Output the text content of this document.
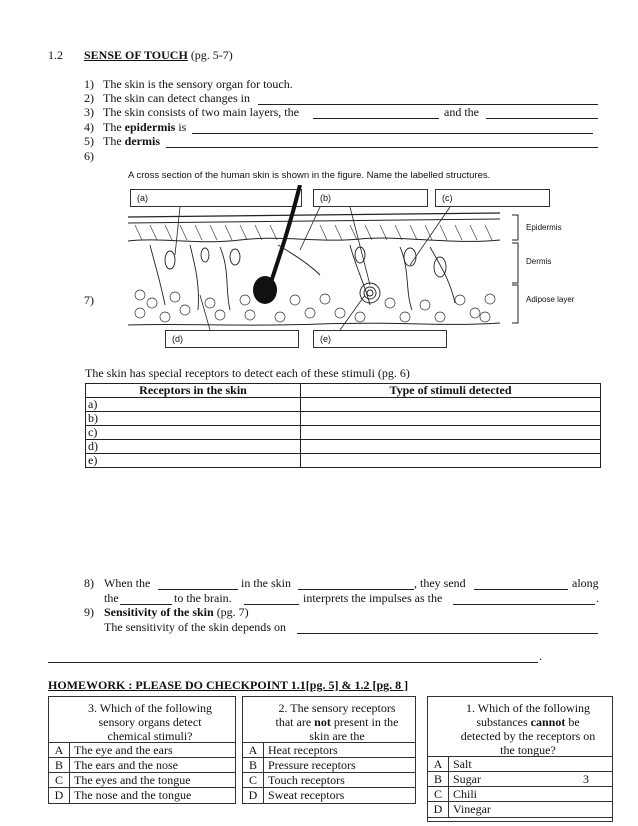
1.2 SENSE OF TOUCH (pg. 5-7)
1) The skin is the sensory organ for touch.
2) The skin can detect changes in
3) The skin consists of two main layers, the	and the
4) The epidermis is
5) The dermis
6)
7)
A cross section of the human skin is shown in the figure. Name the labelled structures.
(a)	(b)	(c)
(d)	(e)
Epidermis
Dermis
Adipose layer
The skin has special receptors to detect each of these stimuli (pg. 6)
Receptors in the skin	Type of stimuli detected
a)	
b)	
c)	
d)	
e)	
8) When the	in the skin	, they send	along
the	to the brain.	interprets the impulses as the	.
9) Sensitivity of the skin (pg. 7)
The sensitivity of the skin depends on
.
HOMEWORK : PLEASE DO CHECKPOINT 1.1[pg. 5] & 1.2 [pg. 8 ]
3. Which of the following sensory organs detect chemical stimuli?
A The eye and the ears
B The ears and the nose
C The eyes and the tongue
D The nose and the tongue
2. The sensory receptors that are not present in the skin are the
A Heat receptors
B Pressure receptors
C Touch receptors
D Sweat receptors
1. Which of the following substances cannot be detected by the receptors on the tongue?
A Salt
B Sugar	3
C Chili
D Vinegar
